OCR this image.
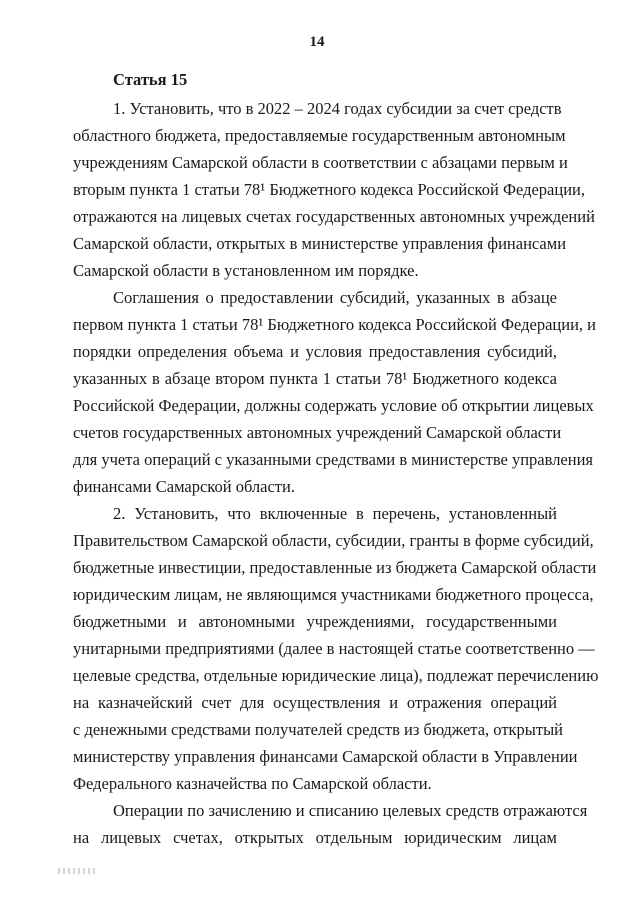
14
Статья 15
1. Установить, что в 2022 – 2024 годах субсидии за счет средств
областного бюджета, предоставляемые государственным автономным
учреждениям Самарской области в соответствии с абзацами первым и
вторым пункта 1 статьи 78¹ Бюджетного кодекса Российской Федерации,
отражаются на лицевых счетах государственных автономных учреждений
Самарской области, открытых в министерстве управления финансами
Самарской области в установленном им порядке.
Соглашения о предоставлении субсидий, указанных в абзаце
первом пункта 1 статьи 78¹ Бюджетного кодекса Российской Федерации, и
порядки определения объема и условия предоставления субсидий,
указанных в абзаце втором пункта 1 статьи 78¹ Бюджетного кодекса
Российской Федерации, должны содержать условие об открытии лицевых
счетов государственных автономных учреждений Самарской области
для учета операций с указанными средствами в министерстве управления
финансами Самарской области.
2. Установить, что включенные в перечень, установленный
Правительством Самарской области, субсидии, гранты в форме субсидий,
бюджетные инвестиции, предоставленные из бюджета Самарской области
юридическим лицам, не являющимся участниками бюджетного процесса,
бюджетными и автономными учреждениями, государственными
унитарными предприятиями (далее в настоящей статье соответственно —
целевые средства, отдельные юридические лица), подлежат перечислению
на казначейский счет для осуществления и отражения операций
с денежными средствами получателей средств из бюджета, открытый
министерству управления финансами Самарской области в Управлении
Федерального казначейства по Самарской области.
Операции по зачислению и списанию целевых средств отражаются
на лицевых счетах, открытых отдельным юридическим лицам
